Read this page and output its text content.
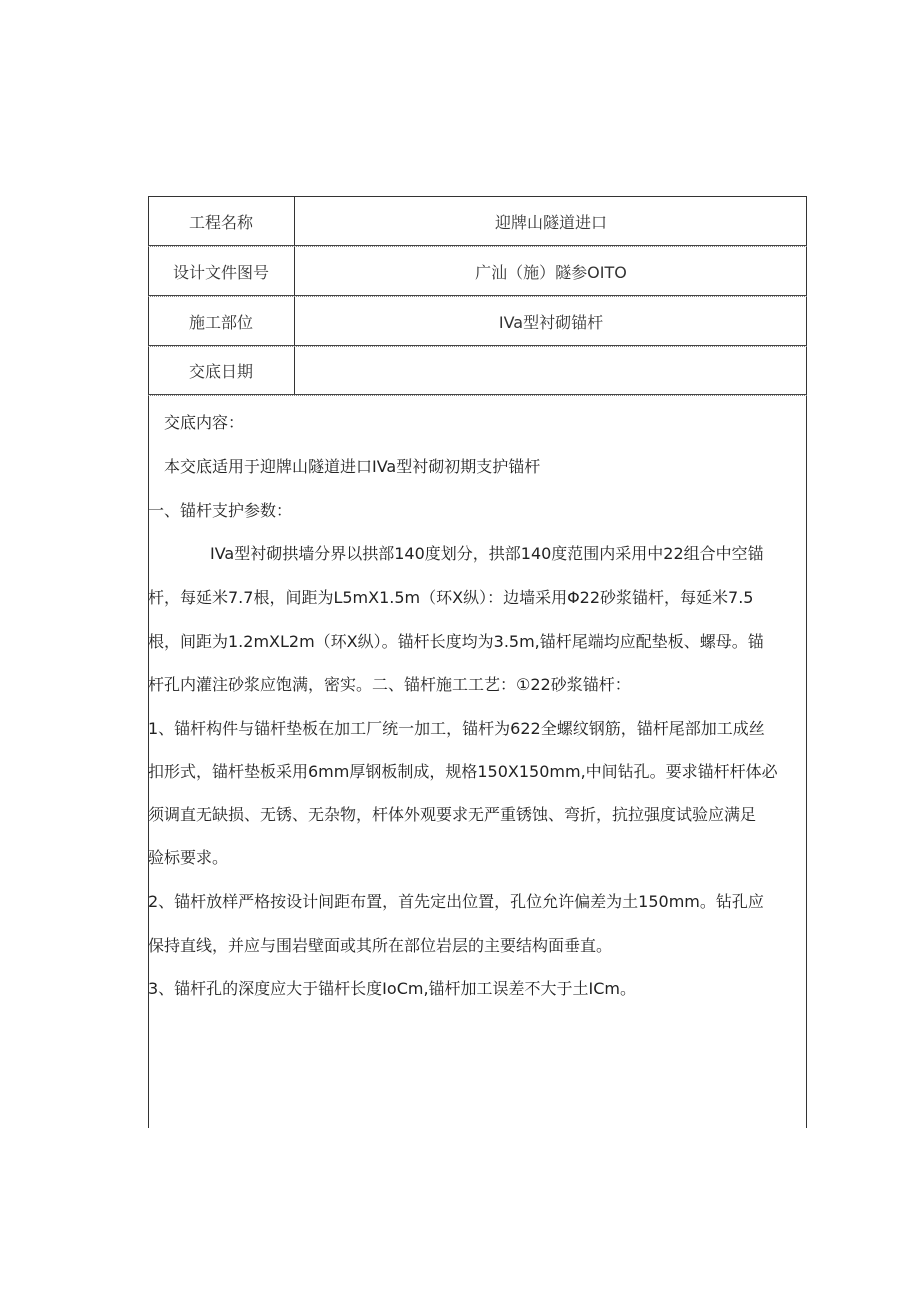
工程名称	迎牌山隧道进口
设计文件图号	广汕（施）隧参OITO
施工部位	IVa型衬砌锚杆
交底日期
交底内容：
本交底适用于迎牌山隧道进口IVa型衬砌初期支护锚杆
一、锚杆支护参数：
IVa型衬砌拱墙分界以拱部140度划分，拱部140度范围内采用中22组合中空锚
杆，每延米7.7根，间距为L5mX1.5m（环X纵）：边墙采用Φ22砂浆锚杆，每延米7.5
根，间距为1.2mXL2m（环X纵）。锚杆长度均为3.5m,锚杆尾端均应配垫板、螺母。锚
杆孔内灌注砂浆应饱满，密实。二、锚杆施工工艺：①22砂浆锚杆：
1、锚杆构件与锚杆垫板在加工厂统一加工，锚杆为622全螺纹钢筋，锚杆尾部加工成丝
扣形式，锚杆垫板采用6mm厚钢板制成，规格150X150mm,中间钻孔。要求锚杆杆体必
须调直无缺损、无锈、无杂物，杆体外观要求无严重锈蚀、弯折，抗拉强度试验应满足
验标要求。
2、锚杆放样严格按设计间距布置，首先定出位置，孔位允许偏差为土150mm。钻孔应
保持直线，并应与围岩壁面或其所在部位岩层的主要结构面垂直。
3、锚杆孔的深度应大于锚杆长度IoCm,锚杆加工误差不大于土ICm。
